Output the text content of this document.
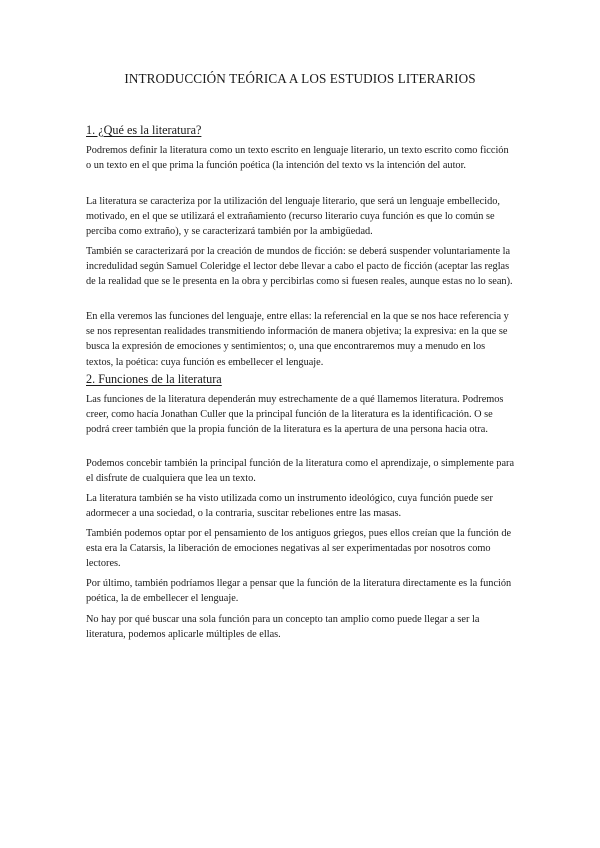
INTRODUCCIÓN TEÓRICA A LOS ESTUDIOS LITERARIOS
1. ¿Qué es la literatura?

Podremos definir la literatura como un texto escrito en lenguaje literario, un texto escrito como ficción o un texto en el que prima la función poética (la intención del texto vs la intención del autor.

La literatura se caracteriza por la utilización del lenguaje literario, que será un lenguaje embellecido, motivado, en el que se utilizará el extrañamiento (recurso literario cuya función es que lo común se perciba como extraño), y se caracterizará también por la ambigüedad.

También se caracterizará por la creación de mundos de ficción: se deberá suspender voluntariamente la incredulidad según Samuel Coleridge el lector debe llevar a cabo el pacto de ficción (aceptar las reglas de la realidad que se le presenta en la obra y percibirlas como si fuesen reales, aunque estas no lo sean).

En ella veremos las funciones del lenguaje, entre ellas: la referencial en la que se nos hace referencia y se nos representan realidades transmitiendo información de manera objetiva; la expresiva: en la que se busca la expresión de emociones y sentimientos; o, una que encontraremos muy a menudo en los textos, la poética: cuya función es embellecer el lenguaje.

2. Funciones de la literatura

Las funciones de la literatura dependerán muy estrechamente de a qué llamemos literatura. Podremos creer, como hacía Jonathan Culler que la principal función de la literatura es la identificación. O se podrá creer también que la propia función de la literatura es la apertura de una persona hacia otra.

Podemos concebir también la principal función de la literatura como el aprendizaje, o simplemente para el disfrute de cualquiera que lea un texto.

La literatura también se ha visto utilizada como un instrumento ideológico, cuya función puede ser adormecer a una sociedad, o la contraria, suscitar rebeliones entre las masas.

También podemos optar por el pensamiento de los antiguos griegos, pues ellos creían que la función de esta era la Catarsis, la liberación de emociones negativas al ser experimentadas por nosotros como lectores.

Por último, también podríamos llegar a pensar que la función de la literatura directamente es la función poética, la de embellecer el lenguaje.

No hay por qué buscar una sola función para un concepto tan amplio como puede llegar a ser la literatura, podemos aplicarle múltiples de ellas.
